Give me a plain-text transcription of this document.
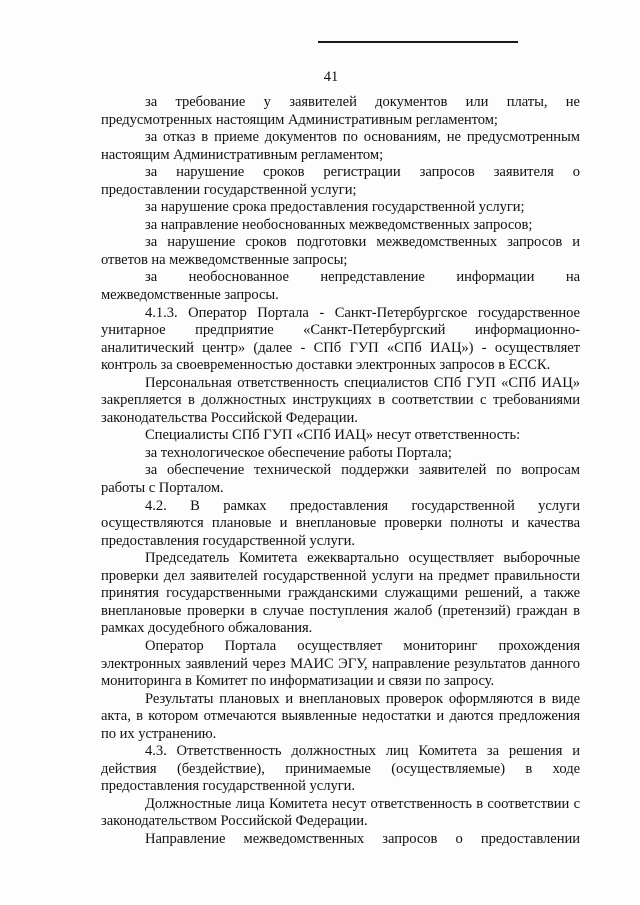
41

за требование у заявителей документов или платы, не предусмотренных настоящим Административным регламентом;

за отказ в приеме документов по основаниям, не предусмотренным настоящим Административным регламентом;

за нарушение сроков регистрации запросов заявителя о предоставлении государственной услуги;

за нарушение срока предоставления государственной услуги;

за направление необоснованных межведомственных запросов;

за нарушение сроков подготовки межведомственных запросов и ответов на межведомственные запросы;

за необоснованное непредставление информации на межведомственные запросы.

4.1.3. Оператор Портала - Санкт-Петербургское государственное унитарное предприятие «Санкт-Петербургский информационно-аналитический центр» (далее - СПб ГУП «СПб ИАЦ») - осуществляет контроль за своевременностью доставки электронных запросов в ЕССК.

Персональная ответственность специалистов СПб ГУП «СПб ИАЦ» закрепляется в должностных инструкциях в соответствии с требованиями законодательства Российской Федерации.

Специалисты СПб ГУП «СПб ИАЦ» несут ответственность:

за технологическое обеспечение работы Портала;

за обеспечение технической поддержки заявителей по вопросам работы с Порталом.

4.2. В рамках предоставления государственной услуги осуществляются плановые и внеплановые проверки полноты и качества предоставления государственной услуги.

Председатель Комитета ежеквартально осуществляет выборочные проверки дел заявителей государственной услуги на предмет правильности принятия государственными гражданскими служащими решений, а также внеплановые проверки в случае поступления жалоб (претензий) граждан в рамках досудебного обжалования.

Оператор Портала осуществляет мониторинг прохождения электронных заявлений через МАИС ЭГУ, направление результатов данного мониторинга в Комитет по информатизации и связи по запросу.

Результаты плановых и внеплановых проверок оформляются в виде акта, в котором отмечаются выявленные недостатки и даются предложения по их устранению.

4.3. Ответственность должностных лиц Комитета за решения и действия (бездействие), принимаемые (осуществляемые) в ходе предоставления государственной услуги.

Должностные лица Комитета несут ответственность в соответствии с законодательством Российской Федерации.

Направление межведомственных запросов о предоставлении
